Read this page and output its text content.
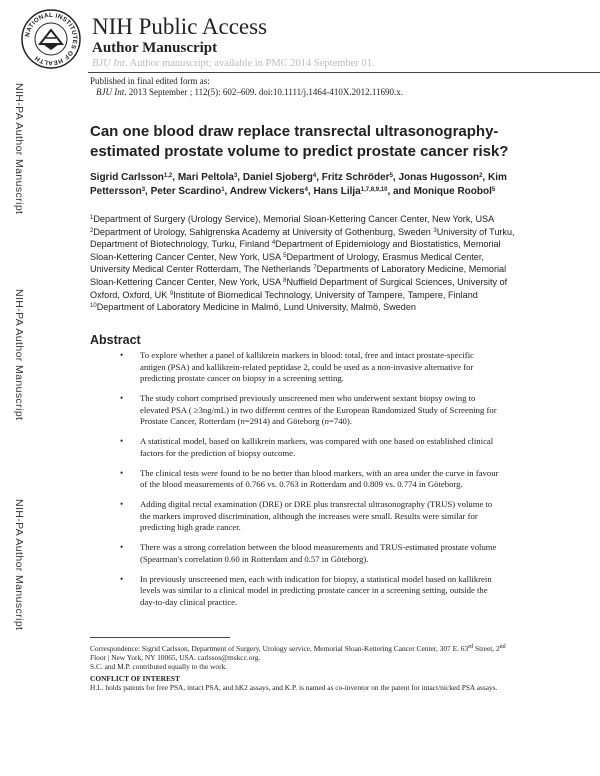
NATIONAL INSTITUTES OF HEALTH
NIH Public Access
Author Manuscript
BJU Int. Author manuscript; available in PMC 2014 September 01.
Published in final edited form as:
BJU Int. 2013 September ; 112(5): 602–609. doi:10.1111/j.1464-410X.2012.11690.x.
NIH-PA Author Manuscript
NIH-PA Author Manuscript
NIH-PA Author Manuscript
Can one blood draw replace transrectal ultrasonography-estimated prostate volume to predict prostate cancer risk?
Sigrid Carlsson$^{1,2}$, Mari Peltola$^3$, Daniel Sjoberg$^4$, Fritz Schröder$^5$, Jonas Hugosson$^2$, Kim Pettersson$^3$, Peter Scardino$^1$, Andrew Vickers$^4$, Hans Lilja$^{1,7,8,9,10}$, and Monique Roobol$^5$
$^1$Department of Surgery (Urology Service), Memorial Sloan-Kettering Cancer Center, New York, USA $^2$Department of Urology, Sahlgrenska Academy at University of Gothenburg, Sweden $^3$University of Turku, Department of Biotechnology, Turku, Finland $^4$Department of Epidemiology and Biostatistics, Memorial Sloan-Kettering Cancer Center, New York, USA $^5$Department of Urology, Erasmus Medical Center, University Medical Center Rotterdam, The Netherlands $^7$Departments of Laboratory Medicine, Memorial Sloan-Kettering Cancer Center, New York, USA $^8$Nuffield Department of Surgical Sciences, University of Oxford, Oxford, UK $^9$Institute of Biomedical Technology, University of Tampere, Tampere, Finland $^{10}$Department of Laboratory Medicine in Malmö, Lund University, Malmö, Sweden
Abstract
• To explore whether a panel of kallikrein markers in blood: total, free and intact prostate-specific antigen (PSA) and kallikrein-related peptidase 2, could be used as a non-invasive alternative for predicting prostate cancer on biopsy in a screening setting.
• The study cohort comprised previously unscreened men who underwent sextant biopsy owing to elevated PSA ( ≥3ng/mL) in two different centres of the European Randomized Study of Screening for Prostate Cancer, Rotterdam (n=2914) and Göteborg (n=740).
• A statistical model, based on kallikrein markers, was compared with one based on established clinical factors for the prediction of biopsy outcome.
• The clinical tests were found to be no better than blood markers, with an area under the curve in favour of the blood measurements of 0.766 vs. 0.763 in Rotterdam and 0.809 vs. 0.774 in Göteborg.
• Adding digital rectal examination (DRE) or DRE plus transrectal ultrasonography (TRUS) volume to the markers improved discrimination, although the increases were small. Results were similar for predicting high grade cancer.
• There was a strong correlation between the blood measurements and TRUS-estimated prostate volume (Spearman's correlation 0.60 in Rotterdam and 0.57 in Göteborg).
• In previously unscreened men, each with indication for biopsy, a statistical model based on kallikrein levels was similar to a clinical model in predicting prostate cancer in a screening setting, outside the day-to-day clinical practice.

Correspondence: Sigrid Carlsson, Department of Surgery, Urology service, Memorial Sloan-Kettering Cancer Center, 307 E. 63rd Street, 2nd Floor | New York, NY 10065, USA. carlssos@mskcc.org.

S.C. and M.P. contributed equally to the work.

CONFLICT OF INTEREST

H.L. holds patents for free PSA, intact PSA, and hK2 assays, and K.P. is named as co-inventor on the patent for intact/nicked PSA assays.
